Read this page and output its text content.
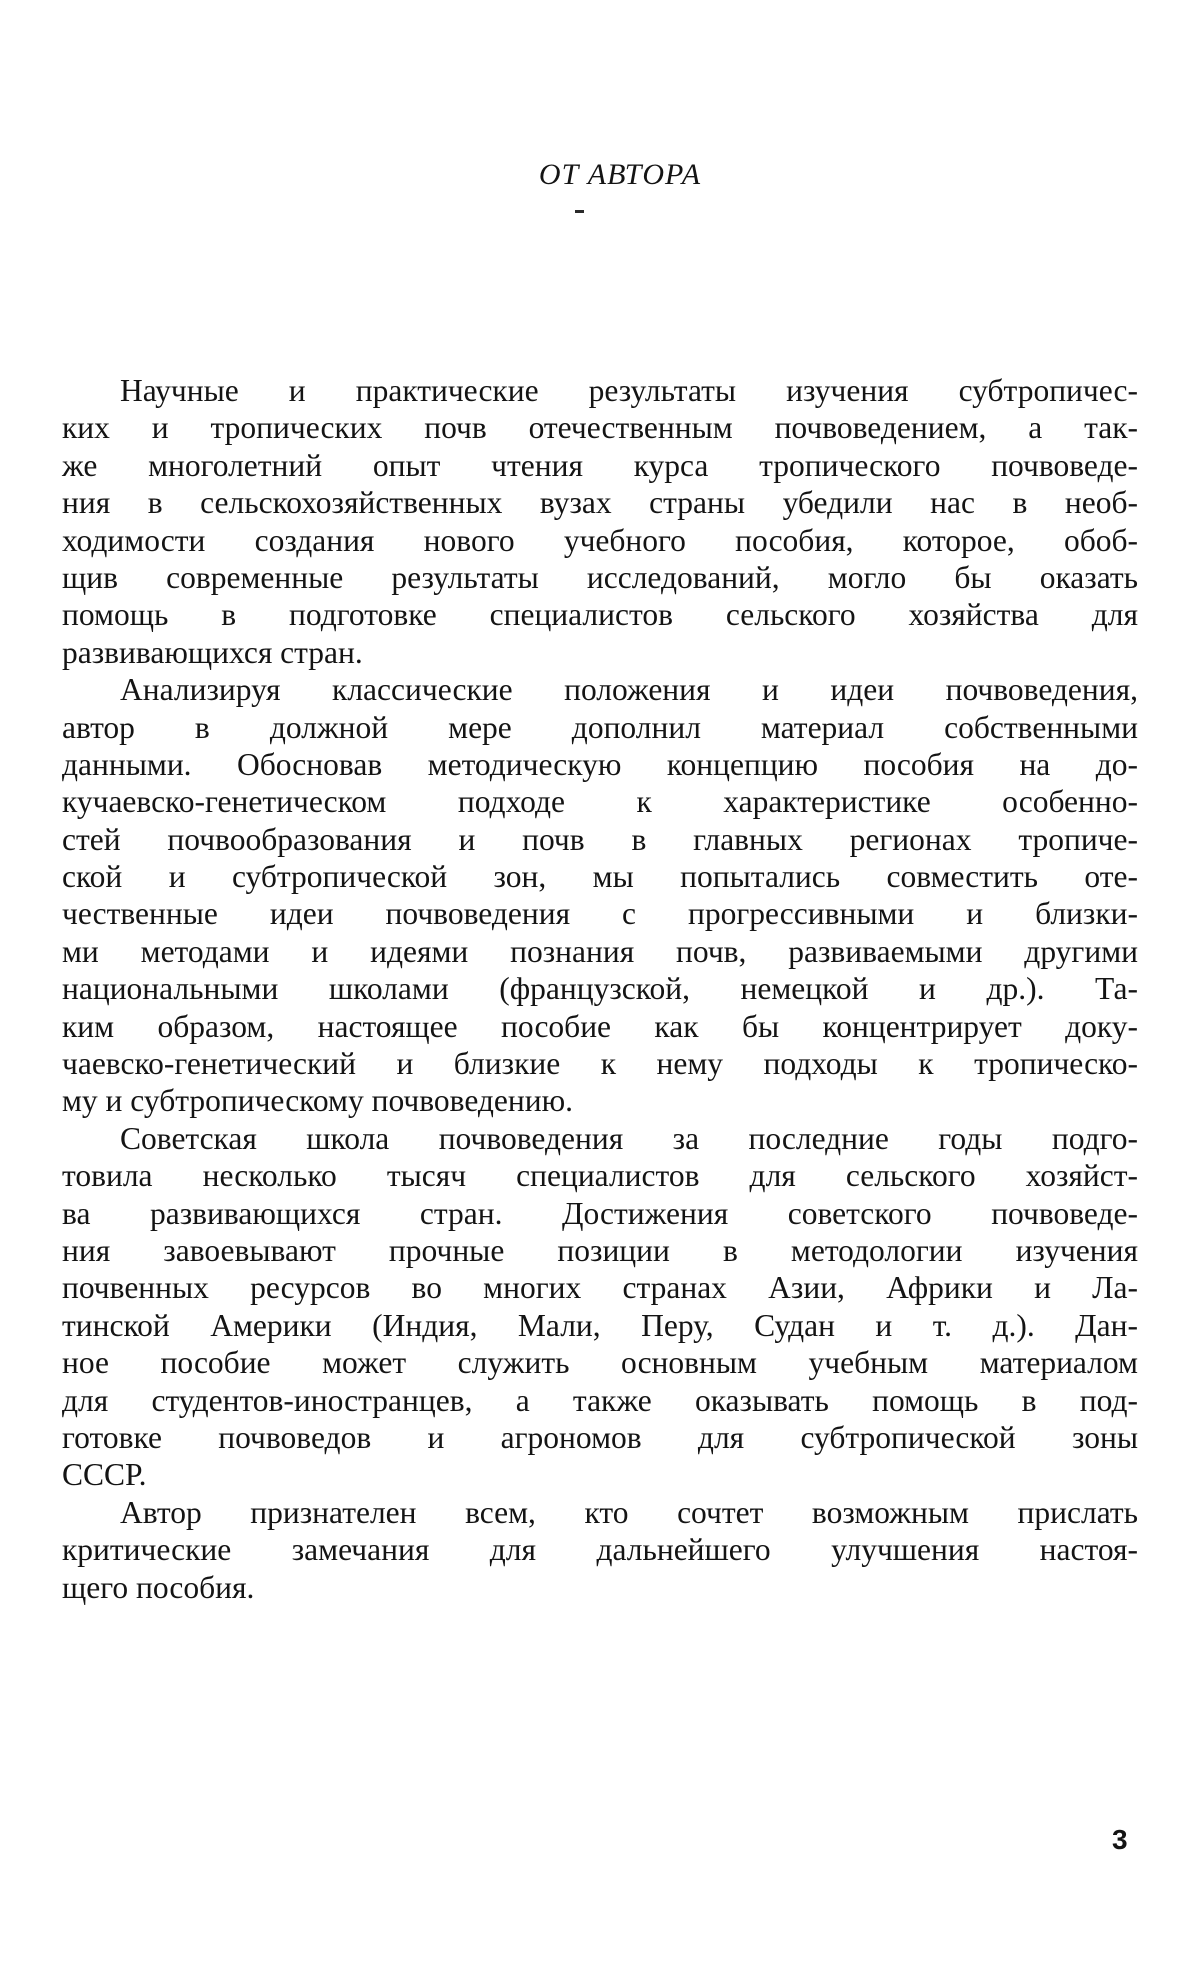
ОТ АВТОРА
Научные и практические результаты изучения субтропичес-
ких и тропических почв отечественным почвоведением, а так-
же многолетний опыт чтения курса тропического почвоведе-
ния в сельскохозяйственных вузах страны убедили нас в необ-
ходимости создания нового учебного пособия, которое, обоб-
щив современные результаты исследований, могло бы оказать
помощь в подготовке специалистов сельского хозяйства для
развивающихся стран.
Анализируя классические положения и идеи почвоведения,
автор в должной мере дополнил материал собственными
данными. Обосновав методическую концепцию пособия на до-
кучаевско-генетическом подходе к характеристике особенно-
стей почвообразования и почв в главных регионах тропиче-
ской и субтропической зон, мы попытались совместить оте-
чественные идеи почвоведения с прогрессивными и близки-
ми методами и идеями познания почв, развиваемыми другими
национальными школами (французской, немецкой и др.). Та-
ким образом, настоящее пособие как бы концентрирует доку-
чаевско-генетический и близкие к нему подходы к тропическо-
му и субтропическому почвоведению.
Советская школа почвоведения за последние годы подго-
товила несколько тысяч специалистов для сельского хозяйст-
ва развивающихся стран. Достижения советского почвоведе-
ния завоевывают прочные позиции в методологии изучения
почвенных ресурсов во многих странах Азии, Африки и Ла-
тинской Америки (Индия, Мали, Перу, Судан и т. д.). Дан-
ное пособие может служить основным учебным материалом
для студентов-иностранцев, а также оказывать помощь в под-
готовке почвоведов и агрономов для субтропической зоны
СССР.
Автор признателен всем, кто сочтет возможным прислать
критические замечания для дальнейшего улучшения настоя-
щего пособия.
3
